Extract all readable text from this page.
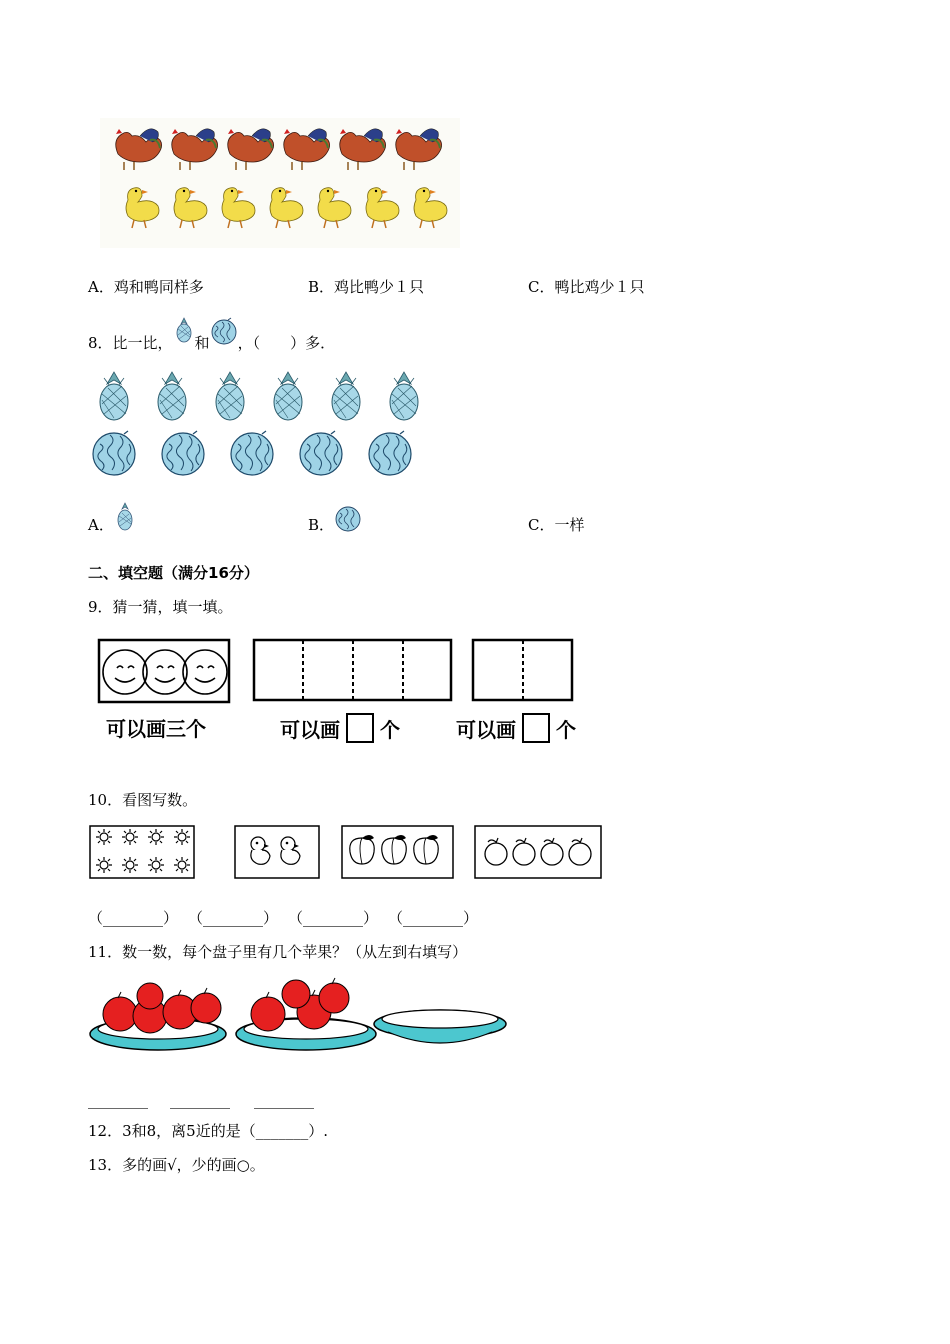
A．鸡和鸭同样多	B．鸡比鸭少１只	C．鸭比鸡少１只
8．比一比， 和 ，（　　）多．
A．	B．	C．一样
二、填空题（满分16分）
9．猜一猜，填一填。
可以画三个	可以画 个	可以画 个
10．看图写数。
（________） （________） （________） （________）
11．数一数，每个盘子里有几个苹果？（从左到右填写）
________ ________ ________
12．3和8，离5近的是（_______）.
13．多的画√，少的画○。
